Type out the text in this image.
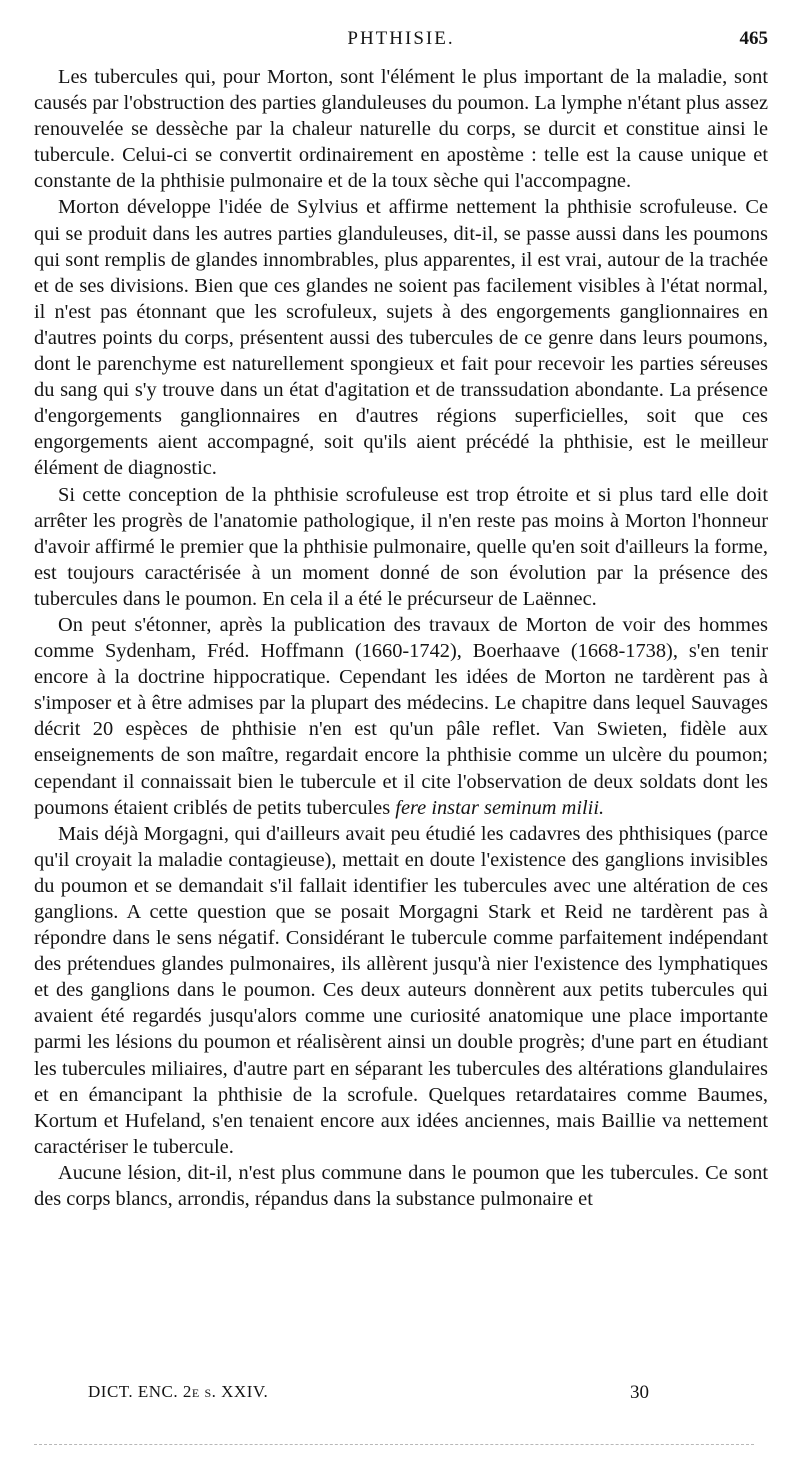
PHTHISIE.	465

Les tubercules qui, pour Morton, sont l'élément le plus important de la maladie, sont causés par l'obstruction des parties glanduleuses du poumon. La lymphe n'étant plus assez renouvelée se dessèche par la chaleur naturelle du corps, se durcit et constitue ainsi le tubercule. Celui-ci se convertit ordinairement en apostème : telle est la cause unique et constante de la phthisie pulmonaire et de la toux sèche qui l'accompagne.

Morton développe l'idée de Sylvius et affirme nettement la phthisie scrofuleuse. Ce qui se produit dans les autres parties glanduleuses, dit-il, se passe aussi dans les poumons qui sont remplis de glandes innombrables, plus apparentes, il est vrai, autour de la trachée et de ses divisions. Bien que ces glandes ne soient pas facilement visibles à l'état normal, il n'est pas étonnant que les scrofuleux, sujets à des engorgements ganglionnaires en d'autres points du corps, présentent aussi des tubercules de ce genre dans leurs poumons, dont le parenchyme est naturellement spongieux et fait pour recevoir les parties séreuses du sang qui s'y trouve dans un état d'agitation et de transsudation abondante. La présence d'engorgements ganglionnaires en d'autres régions superficielles, soit que ces engorgements aient accompagné, soit qu'ils aient précédé la phthisie, est le meilleur élément de diagnostic.

Si cette conception de la phthisie scrofuleuse est trop étroite et si plus tard elle doit arrêter les progrès de l'anatomie pathologique, il n'en reste pas moins à Morton l'honneur d'avoir affirmé le premier que la phthisie pulmonaire, quelle qu'en soit d'ailleurs la forme, est toujours caractérisée à un moment donné de son évolution par la présence des tubercules dans le poumon. En cela il a été le précurseur de Laënnec.

On peut s'étonner, après la publication des travaux de Morton de voir des hommes comme Sydenham, Fréd. Hoffmann (1660-1742), Boerhaave (1668-1738), s'en tenir encore à la doctrine hippocratique. Cependant les idées de Morton ne tardèrent pas à s'imposer et à être admises par la plupart des médecins. Le chapitre dans lequel Sauvages décrit 20 espèces de phthisie n'en est qu'un pâle reflet. Van Swieten, fidèle aux enseignements de son maître, regardait encore la phthisie comme un ulcère du poumon; cependant il connaissait bien le tubercule et il cite l'observation de deux soldats dont les poumons étaient criblés de petits tubercules fere instar seminum milii.

Mais déjà Morgagni, qui d'ailleurs avait peu étudié les cadavres des phthisiques (parce qu'il croyait la maladie contagieuse), mettait en doute l'existence des ganglions invisibles du poumon et se demandait s'il fallait identifier les tubercules avec une altération de ces ganglions. A cette question que se posait Morgagni Stark et Reid ne tardèrent pas à répondre dans le sens négatif. Considérant le tubercule comme parfaitement indépendant des prétendues glandes pulmonaires, ils allèrent jusqu'à nier l'existence des lymphatiques et des ganglions dans le poumon. Ces deux auteurs donnèrent aux petits tubercules qui avaient été regardés jusqu'alors comme une curiosité anatomique une place importante parmi les lésions du poumon et réalisèrent ainsi un double progrès; d'une part en étudiant les tubercules miliaires, d'autre part en séparant les tubercules des altérations glandulaires et en émancipant la phthisie de la scrofule. Quelques retardataires comme Baumes, Kortum et Hufeland, s'en tenaient encore aux idées anciennes, mais Baillie va nettement caractériser le tubercule.

Aucune lésion, dit-il, n'est plus commune dans le poumon que les tubercules. Ce sont des corps blancs, arrondis, répandus dans la substance pulmonaire et

DICT. ENC. 2e s. XXIV.	30
